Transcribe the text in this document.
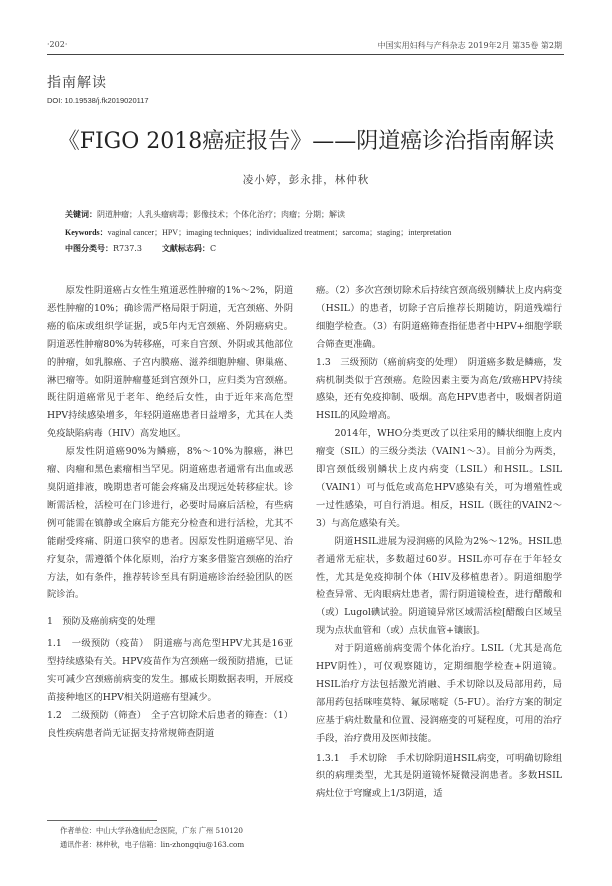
·202·	中国实用妇科与产科杂志 2019年2月 第35卷 第2期
指南解读
DOI: 10.19538/j.fk2019020117
《FIGO 2018癌症报告》——阴道癌诊治指南解读
凌小婷，彭永排，林仲秋
关键词：阴道肿瘤；人乳头瘤病毒；影像技术；个体化治疗；肉瘤；分期；解读
Keywords：vaginal cancer；HPV；imaging techniques；individualized treatment；sarcoma；staging；interpretation
中图分类号：R737.3	文献标志码：C

原发性阴道癌占女性生殖道恶性肿瘤的1%～2%，阴道恶性肿瘤的10%；确诊需严格局限于阴道，无宫颈癌、外阴癌的临床或组织学证据，或5年内无宫颈癌、外阴癌病史。阴道恶性肿瘤80%为转移癌，可来自宫颈、外阴或其他部位的肿瘤，如乳腺癌、子宫内膜癌、滋养细胞肿瘤、卵巢癌、淋巴瘤等。如阴道肿瘤蔓延到宫颈外口，应归类为宫颈癌。既往阴道癌常见于老年、绝经后女性，由于近年来高危型HPV持续感染增多，年轻阴道癌患者日益增多，尤其在人类免疫缺陷病毒（HIV）高发地区。

原发性阴道癌90%为鳞癌，8%～10%为腺癌，淋巴瘤、肉瘤和黑色素瘤相当罕见。阴道癌患者通常有出血或恶臭阴道排液，晚期患者可能会疼痛及出现远处转移症状。诊断需活检，活检可在门诊进行，必要时局麻后活检，有些病例可能需在镇静或全麻后方能充分检查和进行活检，尤其不能耐受疼痛、阴道口狭窄的患者。因原发性阴道癌罕见、治疗复杂，需遵循个体化原则，治疗方案多借鉴宫颈癌的治疗方法，如有条件，推荐转诊至具有阴道癌诊治经验团队的医院诊治。

1　预防及癌前病变的处理

1.1　一级预防（疫苗）　阴道癌与高危型HPV尤其是16亚型持续感染有关。HPV疫苗作为宫颈癌一级预防措施，已证实可减少宫颈癌前病变的发生。挪威长期数据表明，开展疫苗接种地区的HPV相关阴道癌有望减少。

1.2　二级预防（筛查）　全子宫切除术后患者的筛查：（1）良性疾病患者尚无证据支持常规筛查阴道

癌。（2）多次宫颈切除术后持续宫颈高级别鳞状上皮内病变（HSIL）的患者，切除子宫后推荐长期随访，阴道残端行细胞学检查。（3）有阴道癌筛查指征患者中HPV+细胞学联合筛查更准确。

1.3　三级预防（癌前病变的处理）　阴道癌多数是鳞癌，发病机制类似于宫颈癌。危险因素主要为高危/致癌HPV持续感染，还有免疫抑制、吸烟。高危HPV患者中，吸烟者阴道HSIL的风险增高。

2014年，WHO分类更改了以往采用的鳞状细胞上皮内瘤变（SIL）的三级分类法（VAIN1～3）。目前分为两类，即宫颈低级别鳞状上皮内病变（LSIL）和HSIL。LSIL（VAIN1）可与低危或高危HPV感染有关，可为增殖性或一过性感染，可自行消退。相反，HSIL（既往的VAIN2～3）与高危感染有关。

阴道HSIL进展为浸润癌的风险为2%～12%。HSIL患者通常无症状，多数超过60岁。HSIL亦可存在于年轻女性，尤其是免疫抑制个体（HIV及移植患者）。阴道细胞学检查异常、无肉眼病灶患者，需行阴道镜检查，进行醋酸和（或）Lugol碘试验。阴道镜异常区域需活检[醋酸白区域呈现为点状血管和（或）点状血管+镶嵌]。

对于阴道癌前病变需个体化治疗。LSIL（尤其是高危HPV阴性），可仅观察随访，定期细胞学检查+阴道镜。HSIL治疗方法包括激光消融、手术切除以及局部用药，局部用药包括咪喹莫特、氟尿嘧啶（5-FU）。治疗方案的制定应基于病灶数量和位置、浸润癌变的可疑程度，可用的治疗手段，治疗费用及医师技能。

1.3.1　手术切除　手术切除阴道HSIL病变，可明确切除组织的病理类型，尤其是阴道镜怀疑微浸润患者。多数HSIL病灶位于穹窿或上1/3阴道，适

作者单位：中山大学孙逸仙纪念医院，广东 广州 510120
通讯作者：林仲秋，电子信箱：lin-zhongqiu@163.com
